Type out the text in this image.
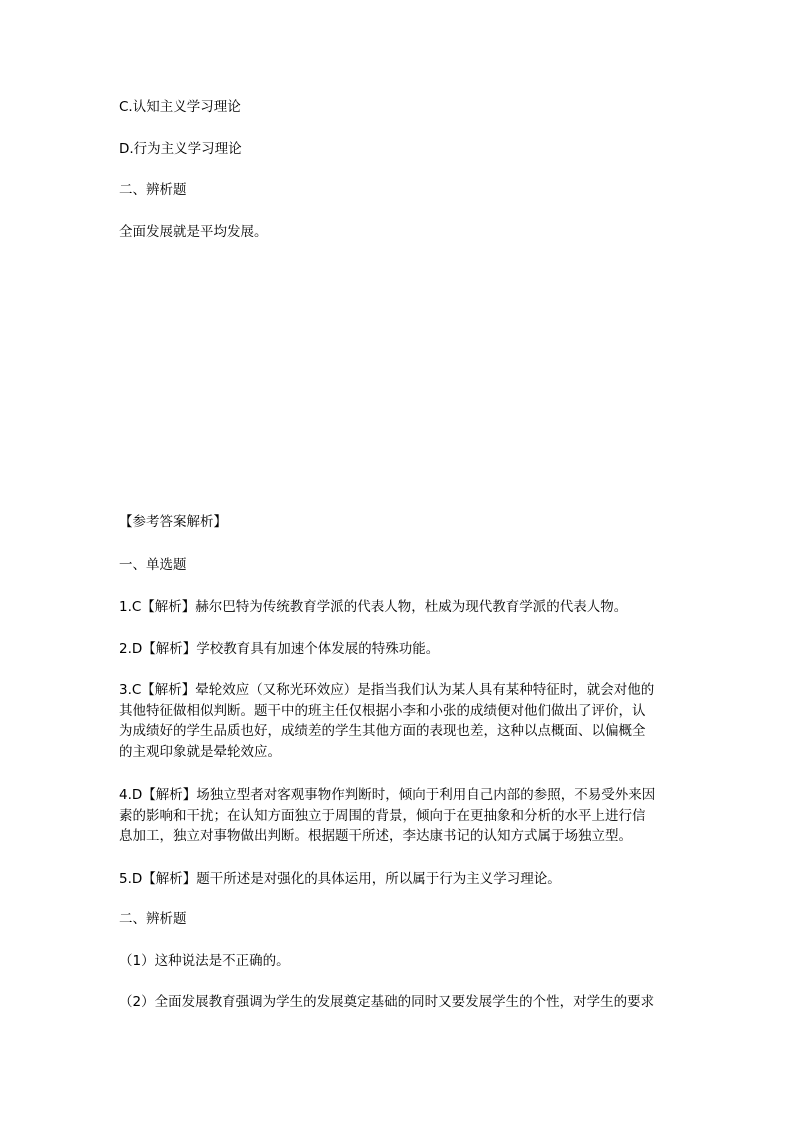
C.认知主义学习理论

D.行为主义学习理论

二、辨析题

全面发展就是平均发展。

【参考答案解析】

一、单选题

1.C【解析】赫尔巴特为传统教育学派的代表人物，杜威为现代教育学派的代表人物。

2.D【解析】学校教育具有加速个体发展的特殊功能。

3.C【解析】晕轮效应（又称光环效应）是指当我们认为某人具有某种特征时，就会对他的
其他特征做相似判断。题干中的班主任仅根据小李和小张的成绩便对他们做出了评价，认
为成绩好的学生品质也好，成绩差的学生其他方面的表现也差，这种以点概面、以偏概全
的主观印象就是晕轮效应。
4.D【解析】场独立型者对客观事物作判断时，倾向于利用自己内部的参照，不易受外来因
素的影响和干扰；在认知方面独立于周围的背景，倾向于在更抽象和分析的水平上进行信
息加工，独立对事物做出判断。根据题干所述，李达康书记的认知方式属于场独立型。

5.D【解析】题干所述是对强化的具体运用，所以属于行为主义学习理论。

二、辨析题

（1）这种说法是不正确的。

（2）全面发展教育强调为学生的发展奠定基础的同时又要发展学生的个性，对学生的要求
